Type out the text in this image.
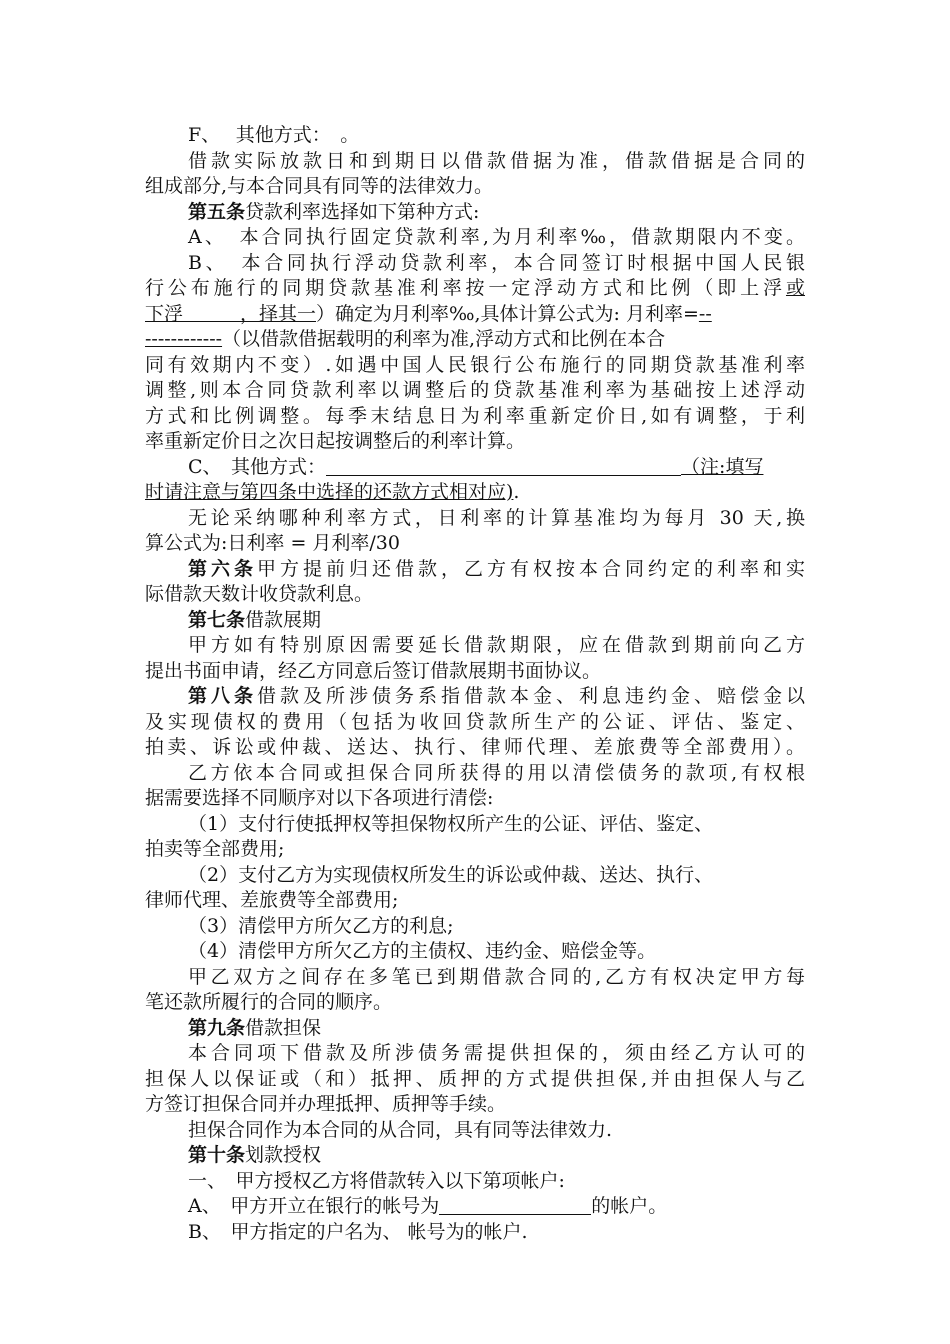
F、　 其他方式：　。
借款实际放款日和到期日以借款借据为准，借款借据是合同的
组成部分,与本合同具有同等的法律效力。
第五条贷款利率选择如下第种方式:
A、　本合同执行固定贷款利率,为月利率‰，借款期限内不变。
B、　本合同执行浮动贷款利率，本合同签订时根据中国人民银
行公布施行的同期贷款基准利率按一定浮动方式和比例（即上浮或
下浮　　　，择其一）确定为月利率‰,具体计算公式为: 月利率=--
------------（以借款借据载明的利率为准,浮动方式和比例在本合
同有效期内不变）.如遇中国人民银行公布施行的同期贷款基准利率
调整,则本合同贷款利率以调整后的贷款基准利率为基础按上述浮动
方式和比例调整。每季末结息日为利率重新定价日,如有调整，于利
率重新定价日之次日起按调整后的利率计算。
C、　其他方式：	（注:填写
时请注意与第四条中选择的还款方式相对应).
无论采纳哪种利率方式，日利率的计算基准均为每月 30 天,换
算公式为:日利率 = 月利率/30
第六条甲方提前归还借款，乙方有权按本合同约定的利率和实
际借款天数计收贷款利息。
第七条借款展期
甲方如有特别原因需要延长借款期限，应在借款到期前向乙方
提出书面申请，经乙方同意后签订借款展期书面协议。
第八条借款及所涉债务系指借款本金、利息违约金、赔偿金以
及实现债权的费用（包括为收回贷款所生产的公证、评估、鉴定、
拍卖、诉讼或仲裁、送达、执行、律师代理、差旅费等全部费用）。
乙方依本合同或担保合同所获得的用以清偿债务的款项,有权根
据需要选择不同顺序对以下各项进行清偿:
（1）支付行使抵押权等担保物权所产生的公证、评估、鉴定、
拍卖等全部费用;
（2）支付乙方为实现债权所发生的诉讼或仲裁、送达、执行、
律师代理、差旅费等全部费用;
（3）清偿甲方所欠乙方的利息;
（4）清偿甲方所欠乙方的主债权、违约金、赔偿金等。
甲乙双方之间存在多笔已到期借款合同的,乙方有权决定甲方每
笔还款所履行的合同的顺序。
第九条借款担保
本合同项下借款及所涉债务需提供担保的，须由经乙方认可的
担保人以保证或（和）抵押、质押的方式提供担保,并由担保人与乙
方签订担保合同并办理抵押、质押等手续。
担保合同作为本合同的从合同，具有同等法律效力.
第十条划款授权
一、　甲方授权乙方将借款转入以下第项帐户:
A、　甲方开立在银行的帐号为	的帐户。
B、　甲方指定的户名为、 帐号为的帐户.
